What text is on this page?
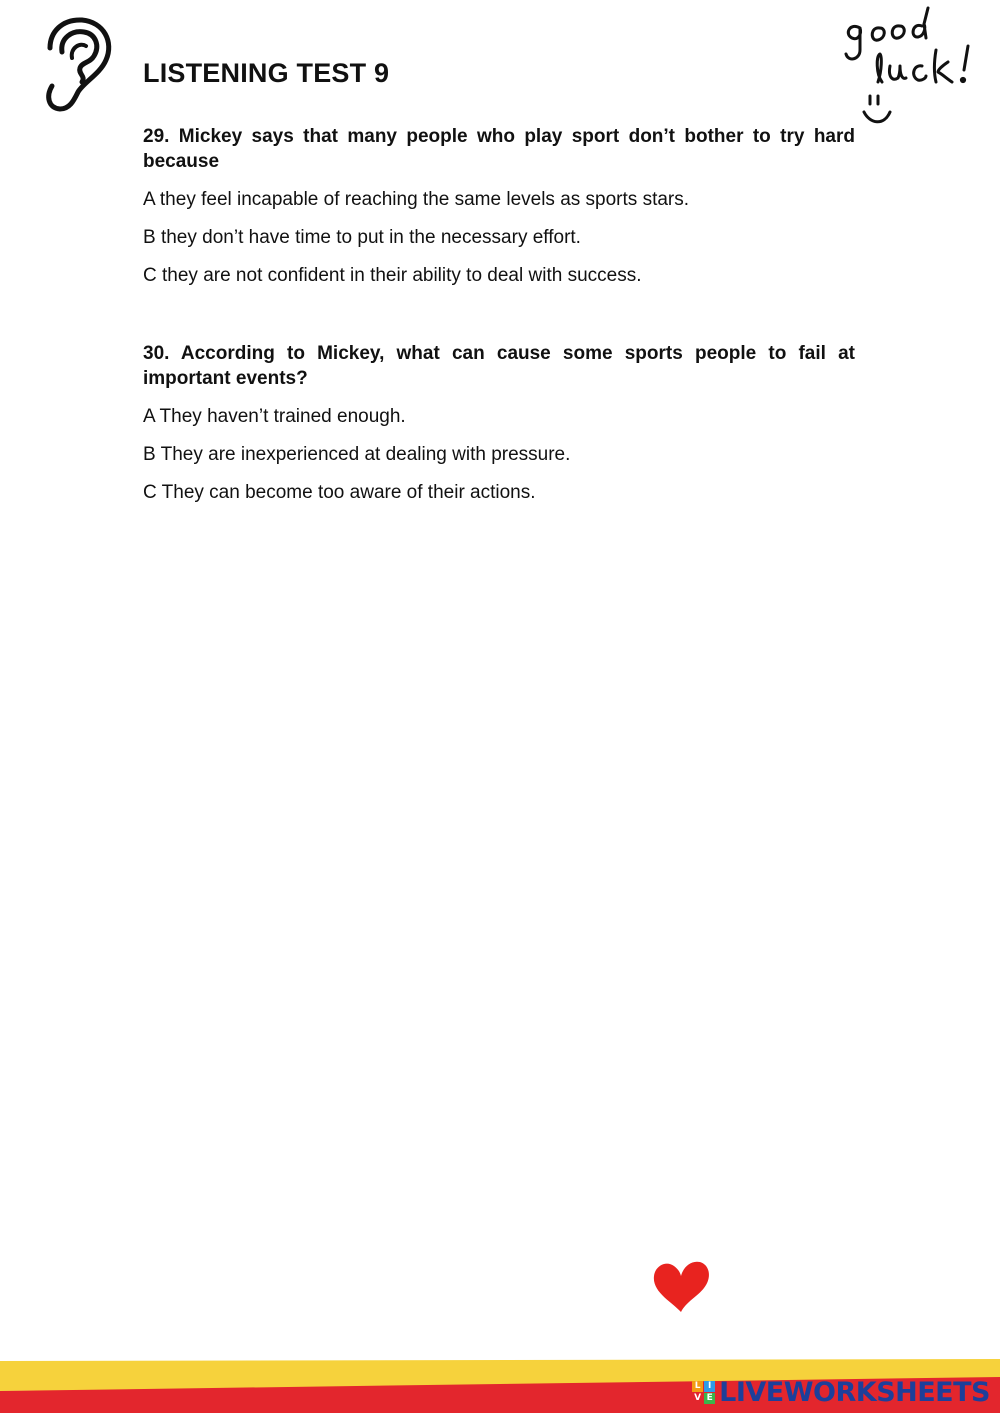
LISTENING TEST 9

29. Mickey says that many people who play sport don’t bother to try hard because

A they feel incapable of reaching the same levels as sports stars.

B they don’t have time to put in the necessary effort.

C they are not confident in their ability to deal with success.

30. According to Mickey, what can cause some sports people to fail at important events?

A They haven’t trained enough.

B They are inexperienced at dealing with pressure.

C They can become too aware of their actions.

L I
V E LIVEWORKSHEETS
